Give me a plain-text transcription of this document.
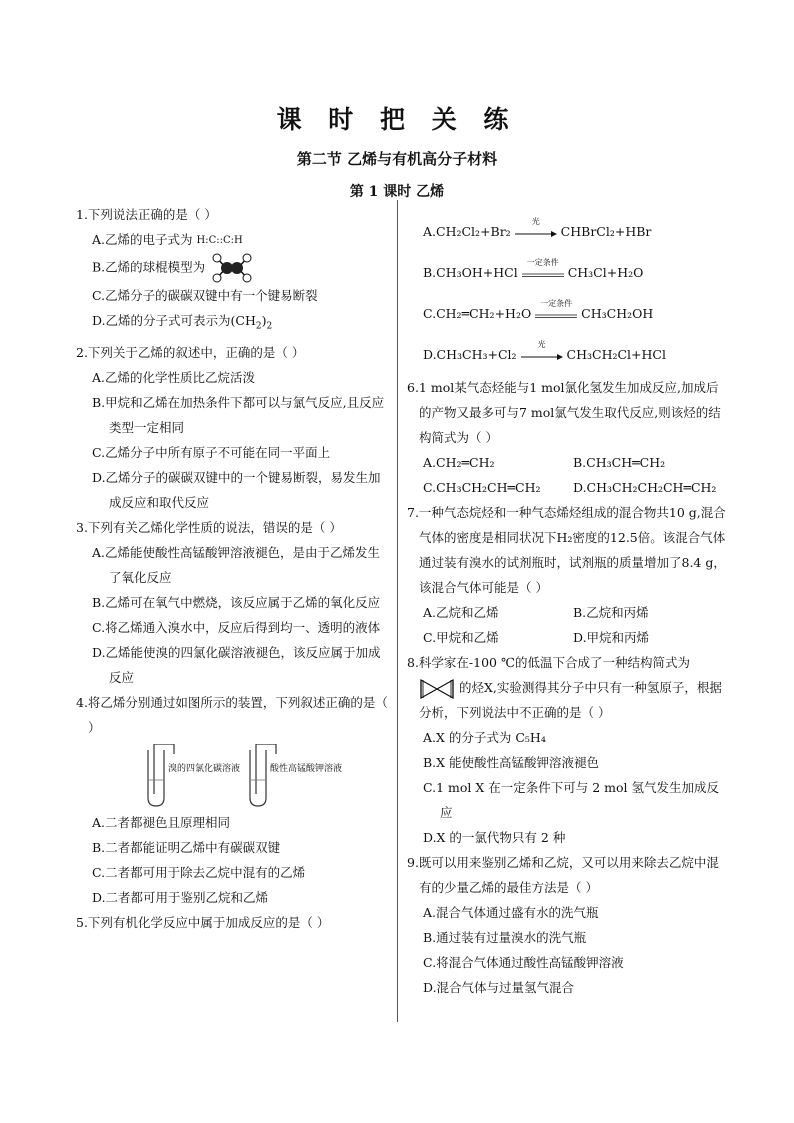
课 时 把 关 练
第二节 乙烯与有机高分子材料
第 1 课时 乙烯
1.下列说法正确的是（ ）
A.乙烯的电子式为 H:C::C:H
B.乙烯的球棍模型为
C.乙烯分子的碳碳双键中有一个键易断裂
D.乙烯的分子式可表示为$(CH_2)_2$
2.下列关于乙烯的叙述中，正确的是（ ）
A.乙烯的化学性质比乙烷活泼
B.甲烷和乙烯在加热条件下都可以与氯气反应,且反应类型一定相同
C.乙烯分子中所有原子不可能在同一平面上
D.乙烯分子的碳碳双键中的一个键易断裂，易发生加成反应和取代反应
3.下列有关乙烯化学性质的说法，错误的是（ ）
A.乙烯能使酸性高锰酸钾溶液褪色，是由于乙烯发生了氧化反应
B.乙烯可在氧气中燃烧，该反应属于乙烯的氧化反应
C.将乙烯通入溴水中，反应后得到均一、透明的液体
D.乙烯能使溴的四氯化碳溶液褪色，该反应属于加成反应
4.将乙烯分别通过如图所示的装置，下列叙述正确的是（ ）
溴的四氯化碳溶液	酸性高锰酸钾溶液
A.二者都褪色且原理相同
B.二者都能证明乙烯中有碳碳双键
C.二者都可用于除去乙烷中混有的乙烯
D.二者都可用于鉴别乙烷和乙烯
5.下列有机化学反应中属于加成反应的是（ ）
A.CH₂Cl₂+Br₂
光
CHBrCl₂+HBr
B.CH₃OH+HCl
一定条件
CH₃Cl+H₂O
C.CH₂═CH₂+H₂O
一定条件
CH₃CH₂OH
D.CH₃CH₃+Cl₂
光
CH₃CH₂Cl+HCl
6.1 mol某气态烃能与1 mol氯化氢发生加成反应,加成后的产物又最多可与7 mol氯气发生取代反应,则该烃的结构简式为（ ）
A.CH₂═CH₂	B.CH₃CH═CH₂
C.CH₃CH₂CH═CH₂	D.CH₃CH₂CH₂CH═CH₂
7.一种气态烷烃和一种气态烯烃组成的混合物共10 g,混合气体的密度是相同状况下H₂密度的12.5倍。该混合气体通过装有溴水的试剂瓶时，试剂瓶的质量增加了8.4 g，该混合气体可能是（ ）
A.乙烷和乙烯	B.乙烷和丙烯
C.甲烷和乙烯	D.甲烷和丙烯
8.科学家在-100 ℃的低温下合成了一种结构简式为  的烃X,实验测得其分子中只有一种氢原子，根据分析，下列说法中不正确的是（ ）
A.X 的分子式为 C₅H₄
B.X 能使酸性高锰酸钾溶液褪色
C.1 mol X 在一定条件下可与 2 mol 氢气发生加成反应
D.X 的一氯代物只有 2 种
9.既可以用来鉴别乙烯和乙烷，又可以用来除去乙烷中混有的少量乙烯的最佳方法是（ ）
A.混合气体通过盛有水的洗气瓶
B.通过装有过量溴水的洗气瓶
C.将混合气体通过酸性高锰酸钾溶液
D.混合气体与过量氢气混合
